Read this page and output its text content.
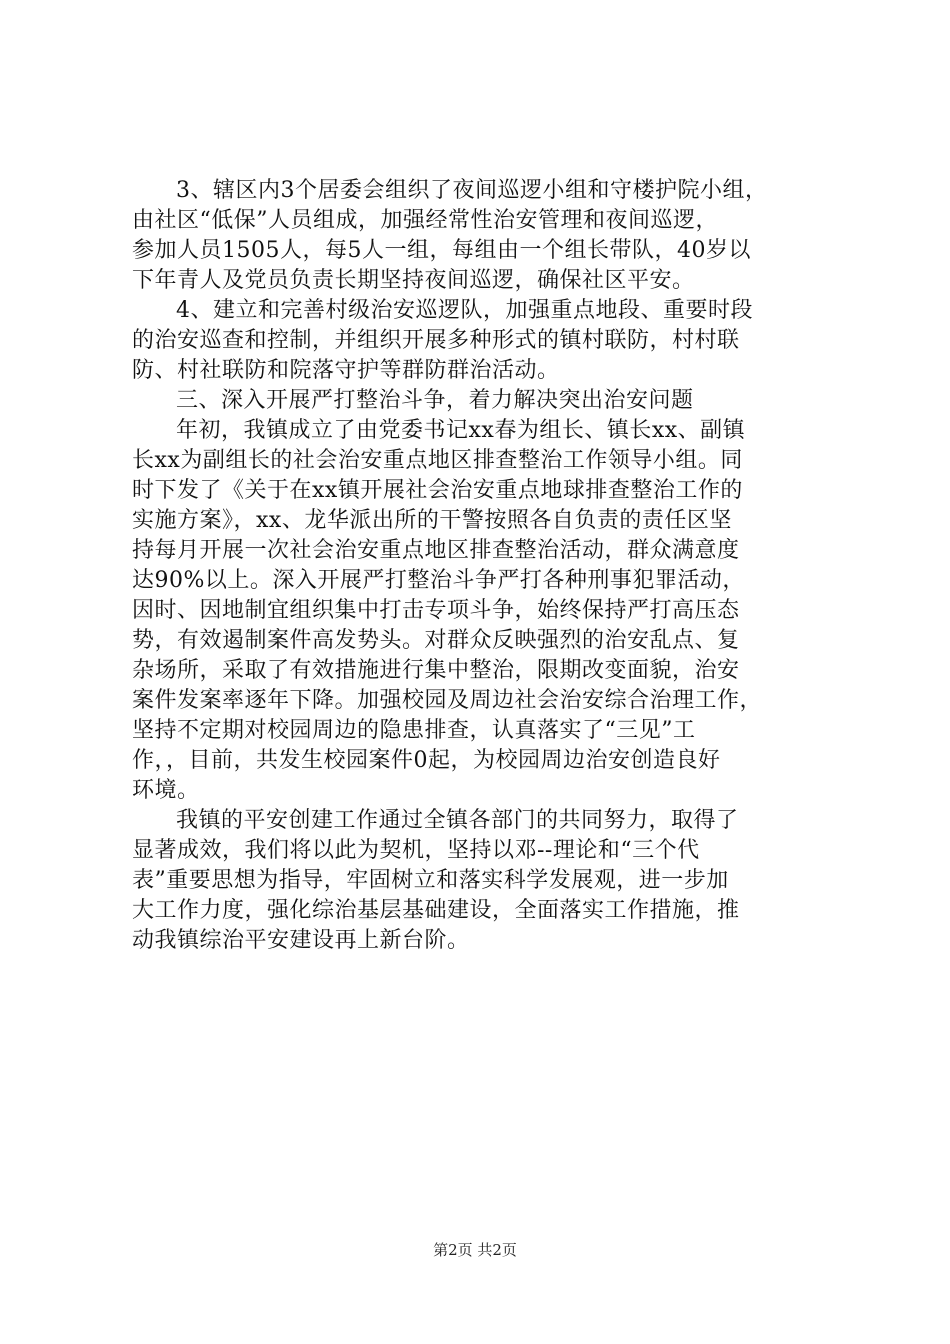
3、辖区内3个居委会组织了夜间巡逻小组和守楼护院小组，
由社区“低保”人员组成，加强经常性治安管理和夜间巡逻，
参加人员1505人，每5人一组，每组由一个组长带队，40岁以
下年青人及党员负责长期坚持夜间巡逻，确保社区平安。
4、建立和完善村级治安巡逻队，加强重点地段、重要时段
的治安巡查和控制，并组织开展多种形式的镇村联防，村村联
防、村社联防和院落守护等群防群治活动。
三、深入开展严打整治斗争，着力解决突出治安问题
年初，我镇成立了由党委书记xx春为组长、镇长xx、副镇
长xx为副组长的社会治安重点地区排查整治工作领导小组。同
时下发了《关于在xx镇开展社会治安重点地球排查整治工作的
实施方案》，xx、龙华派出所的干警按照各自负责的责任区坚
持每月开展一次社会治安重点地区排查整治活动，群众满意度
达90%以上。深入开展严打整治斗争严打各种刑事犯罪活动，
因时、因地制宜组织集中打击专项斗争，始终保持严打高压态
势，有效遏制案件高发势头。对群众反映强烈的治安乱点、复
杂场所，采取了有效措施进行集中整治，限期改变面貌，治安
案件发案率逐年下降。加强校园及周边社会治安综合治理工作，
坚持不定期对校园周边的隐患排查，认真落实了“三见”工
作，，目前，共发生校园案件0起，为校园周边治安创造良好
环境。
我镇的平安创建工作通过全镇各部门的共同努力，取得了
显著成效，我们将以此为契机，坚持以邓--理论和“三个代
表”重要思想为指导，牢固树立和落实科学发展观，进一步加
大工作力度，强化综治基层基础建设，全面落实工作措施，推
动我镇综治平安建设再上新台阶。
第2页 共2页
